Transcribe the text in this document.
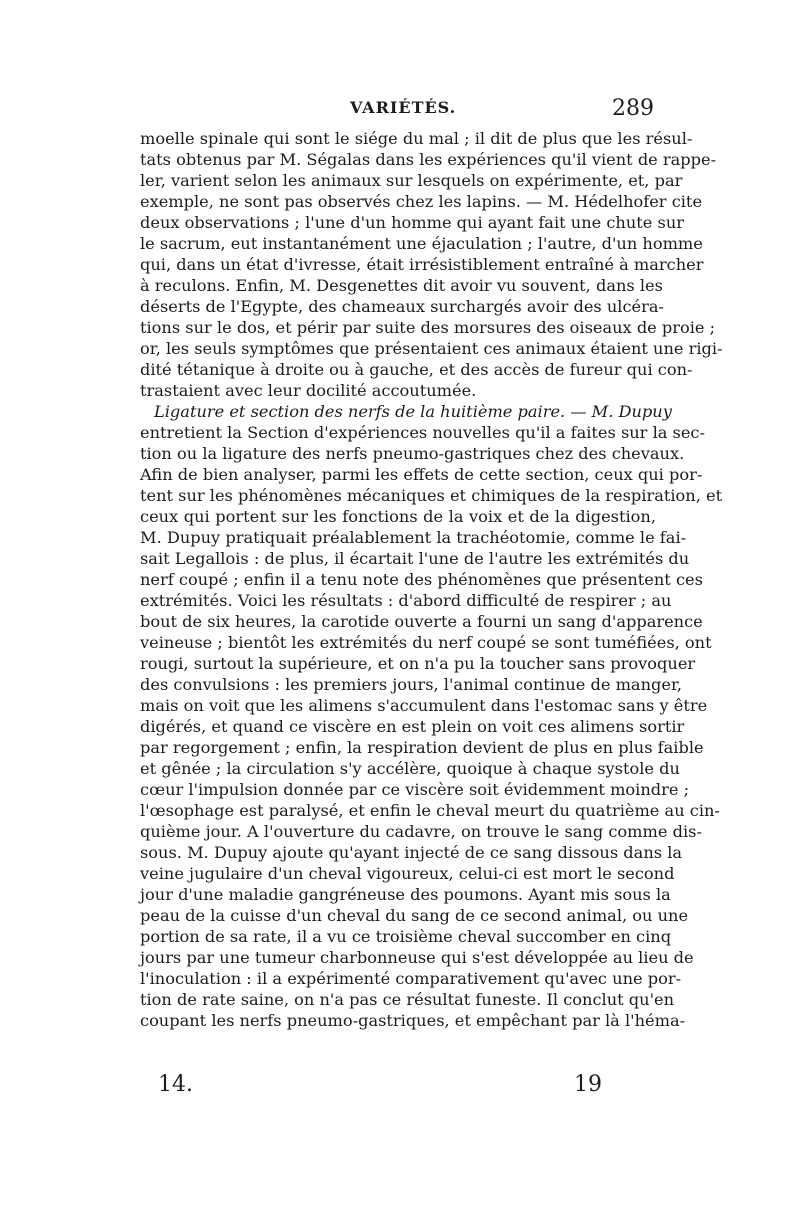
VARIÉTÉS.	289
moelle spinale qui sont le siége du mal ; il dit de plus que les résul-
tats obtenus par M. Ségalas dans les expériences qu'il vient de rappe-
ler, varient selon les animaux sur lesquels on expérimente, et, par
exemple, ne sont pas observés chez les lapins. — M. Hédelhofer cite
deux observations ; l'une d'un homme qui ayant fait une chute sur
le sacrum, eut instantanément une éjaculation ; l'autre, d'un homme
qui, dans un état d'ivresse, était irrésistiblement entraîné à marcher
à reculons. Enfin, M. Desgenettes dit avoir vu souvent, dans les
déserts de l'Egypte, des chameaux surchargés avoir des ulcéra-
tions sur le dos, et périr par suite des morsures des oiseaux de proie ;
or, les seuls symptômes que présentaient ces animaux étaient une rigi-
dité tétanique à droite ou à gauche, et des accès de fureur qui con-
trastaient avec leur docilité accoutumée.
Ligature et section des nerfs de la huitième paire. — M. Dupuy
entretient la Section d'expériences nouvelles qu'il a faites sur la sec-
tion ou la ligature des nerfs pneumo-gastriques chez des chevaux.
Afin de bien analyser, parmi les effets de cette section, ceux qui por-
tent sur les phénomènes mécaniques et chimiques de la respiration, et
ceux qui portent sur les fonctions de la voix et de la digestion,
M. Dupuy pratiquait préalablement la trachéotomie, comme le fai-
sait Legallois : de plus, il écartait l'une de l'autre les extrémités du
nerf coupé ; enfin il a tenu note des phénomènes que présentent ces
extrémités. Voici les résultats : d'abord difficulté de respirer ; au
bout de six heures, la carotide ouverte a fourni un sang d'apparence
veineuse ; bientôt les extrémités du nerf coupé se sont tuméfiées, ont
rougi, surtout la supérieure, et on n'a pu la toucher sans provoquer
des convulsions : les premiers jours, l'animal continue de manger,
mais on voit que les alimens s'accumulent dans l'estomac sans y être
digérés, et quand ce viscère en est plein on voit ces alimens sortir
par regorgement ; enfin, la respiration devient de plus en plus faible
et gênée ; la circulation s'y accélère, quoique à chaque systole du
cœur l'impulsion donnée par ce viscère soit évidemment moindre ;
l'œsophage est paralysé, et enfin le cheval meurt du quatrième au cin-
quième jour. A l'ouverture du cadavre, on trouve le sang comme dis-
sous. M. Dupuy ajoute qu'ayant injecté de ce sang dissous dans la
veine jugulaire d'un cheval vigoureux, celui-ci est mort le second
jour d'une maladie gangréneuse des poumons. Ayant mis sous la
peau de la cuisse d'un cheval du sang de ce second animal, ou une
portion de sa rate, il a vu ce troisième cheval succomber en cinq
jours par une tumeur charbonneuse qui s'est développée au lieu de
l'inoculation : il a expérimenté comparativement qu'avec une por-
tion de rate saine, on n'a pas ce résultat funeste. Il conclut qu'en
coupant les nerfs pneumo-gastriques, et empêchant par là l'héma-
14.	19
